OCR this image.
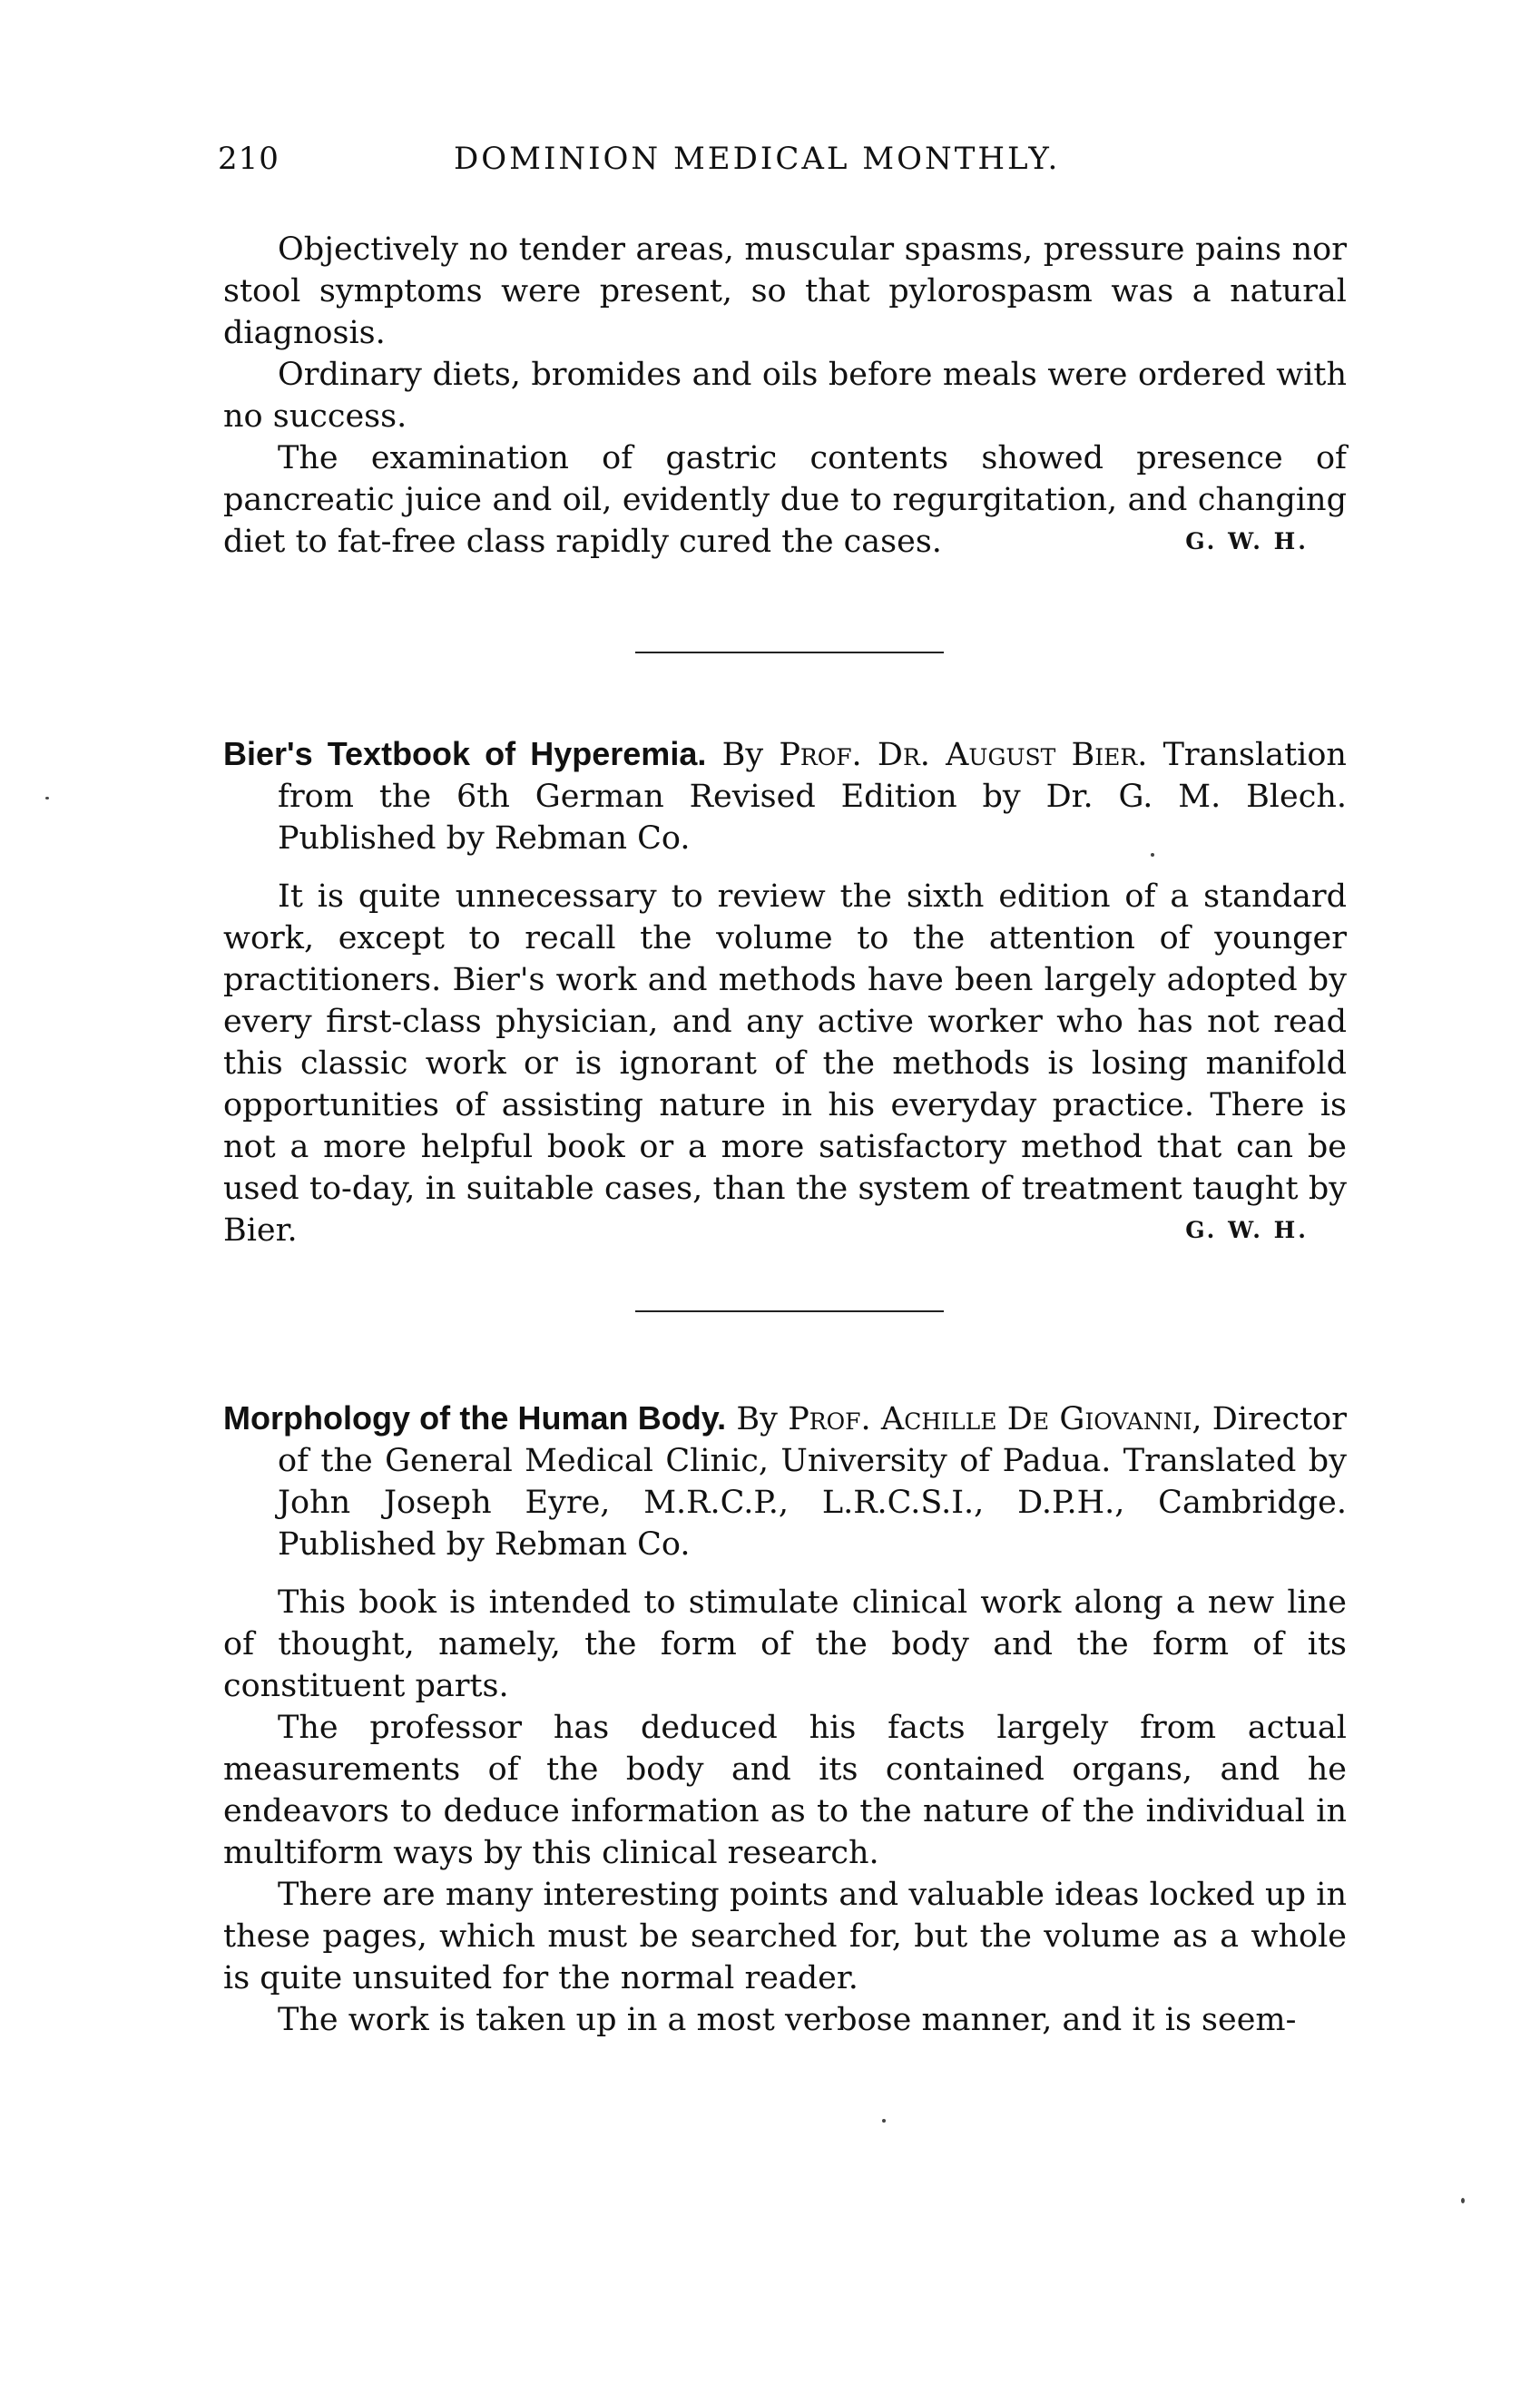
210	DOMINION MEDICAL MONTHLY.

Objectively no tender areas, muscular spasms, pressure pains nor stool symptoms were present, so that pylorospasm was a natural diagnosis.

Ordinary diets, bromides and oils before meals were ordered with no success.

The examination of gastric contents showed presence of pancreatic juice and oil, evidently due to regurgitation, and changing diet to fat-free class rapidly cured the cases.	G. W. H.

Bier's Textbook of Hyperemia. By Prof. Dr. August Bier. Translation from the 6th German Revised Edition by Dr. G. M. Blech. Published by Rebman Co.

It is quite unnecessary to review the sixth edition of a standard work, except to recall the volume to the attention of younger practitioners. Bier's work and methods have been largely adopted by every first-class physician, and any active worker who has not read this classic work or is ignorant of the methods is losing manifold opportunities of assisting nature in his everyday practice. There is not a more helpful book or a more satisfactory method that can be used to-day, in suitable cases, than the system of treatment taught by Bier.	G. W. H.

Morphology of the Human Body. By Prof. Achille De Giovanni, Director of the General Medical Clinic, University of Padua. Translated by John Joseph Eyre, M.R.C.P., L.R.C.S.I., D.P.H., Cambridge. Published by Rebman Co.

This book is intended to stimulate clinical work along a new line of thought, namely, the form of the body and the form of its constituent parts.

The professor has deduced his facts largely from actual measurements of the body and its contained organs, and he endeavors to deduce information as to the nature of the individual in multiform ways by this clinical research.

There are many interesting points and valuable ideas locked up in these pages, which must be searched for, but the volume as a whole is quite unsuited for the normal reader.

The work is taken up in a most verbose manner, and it is seem-
